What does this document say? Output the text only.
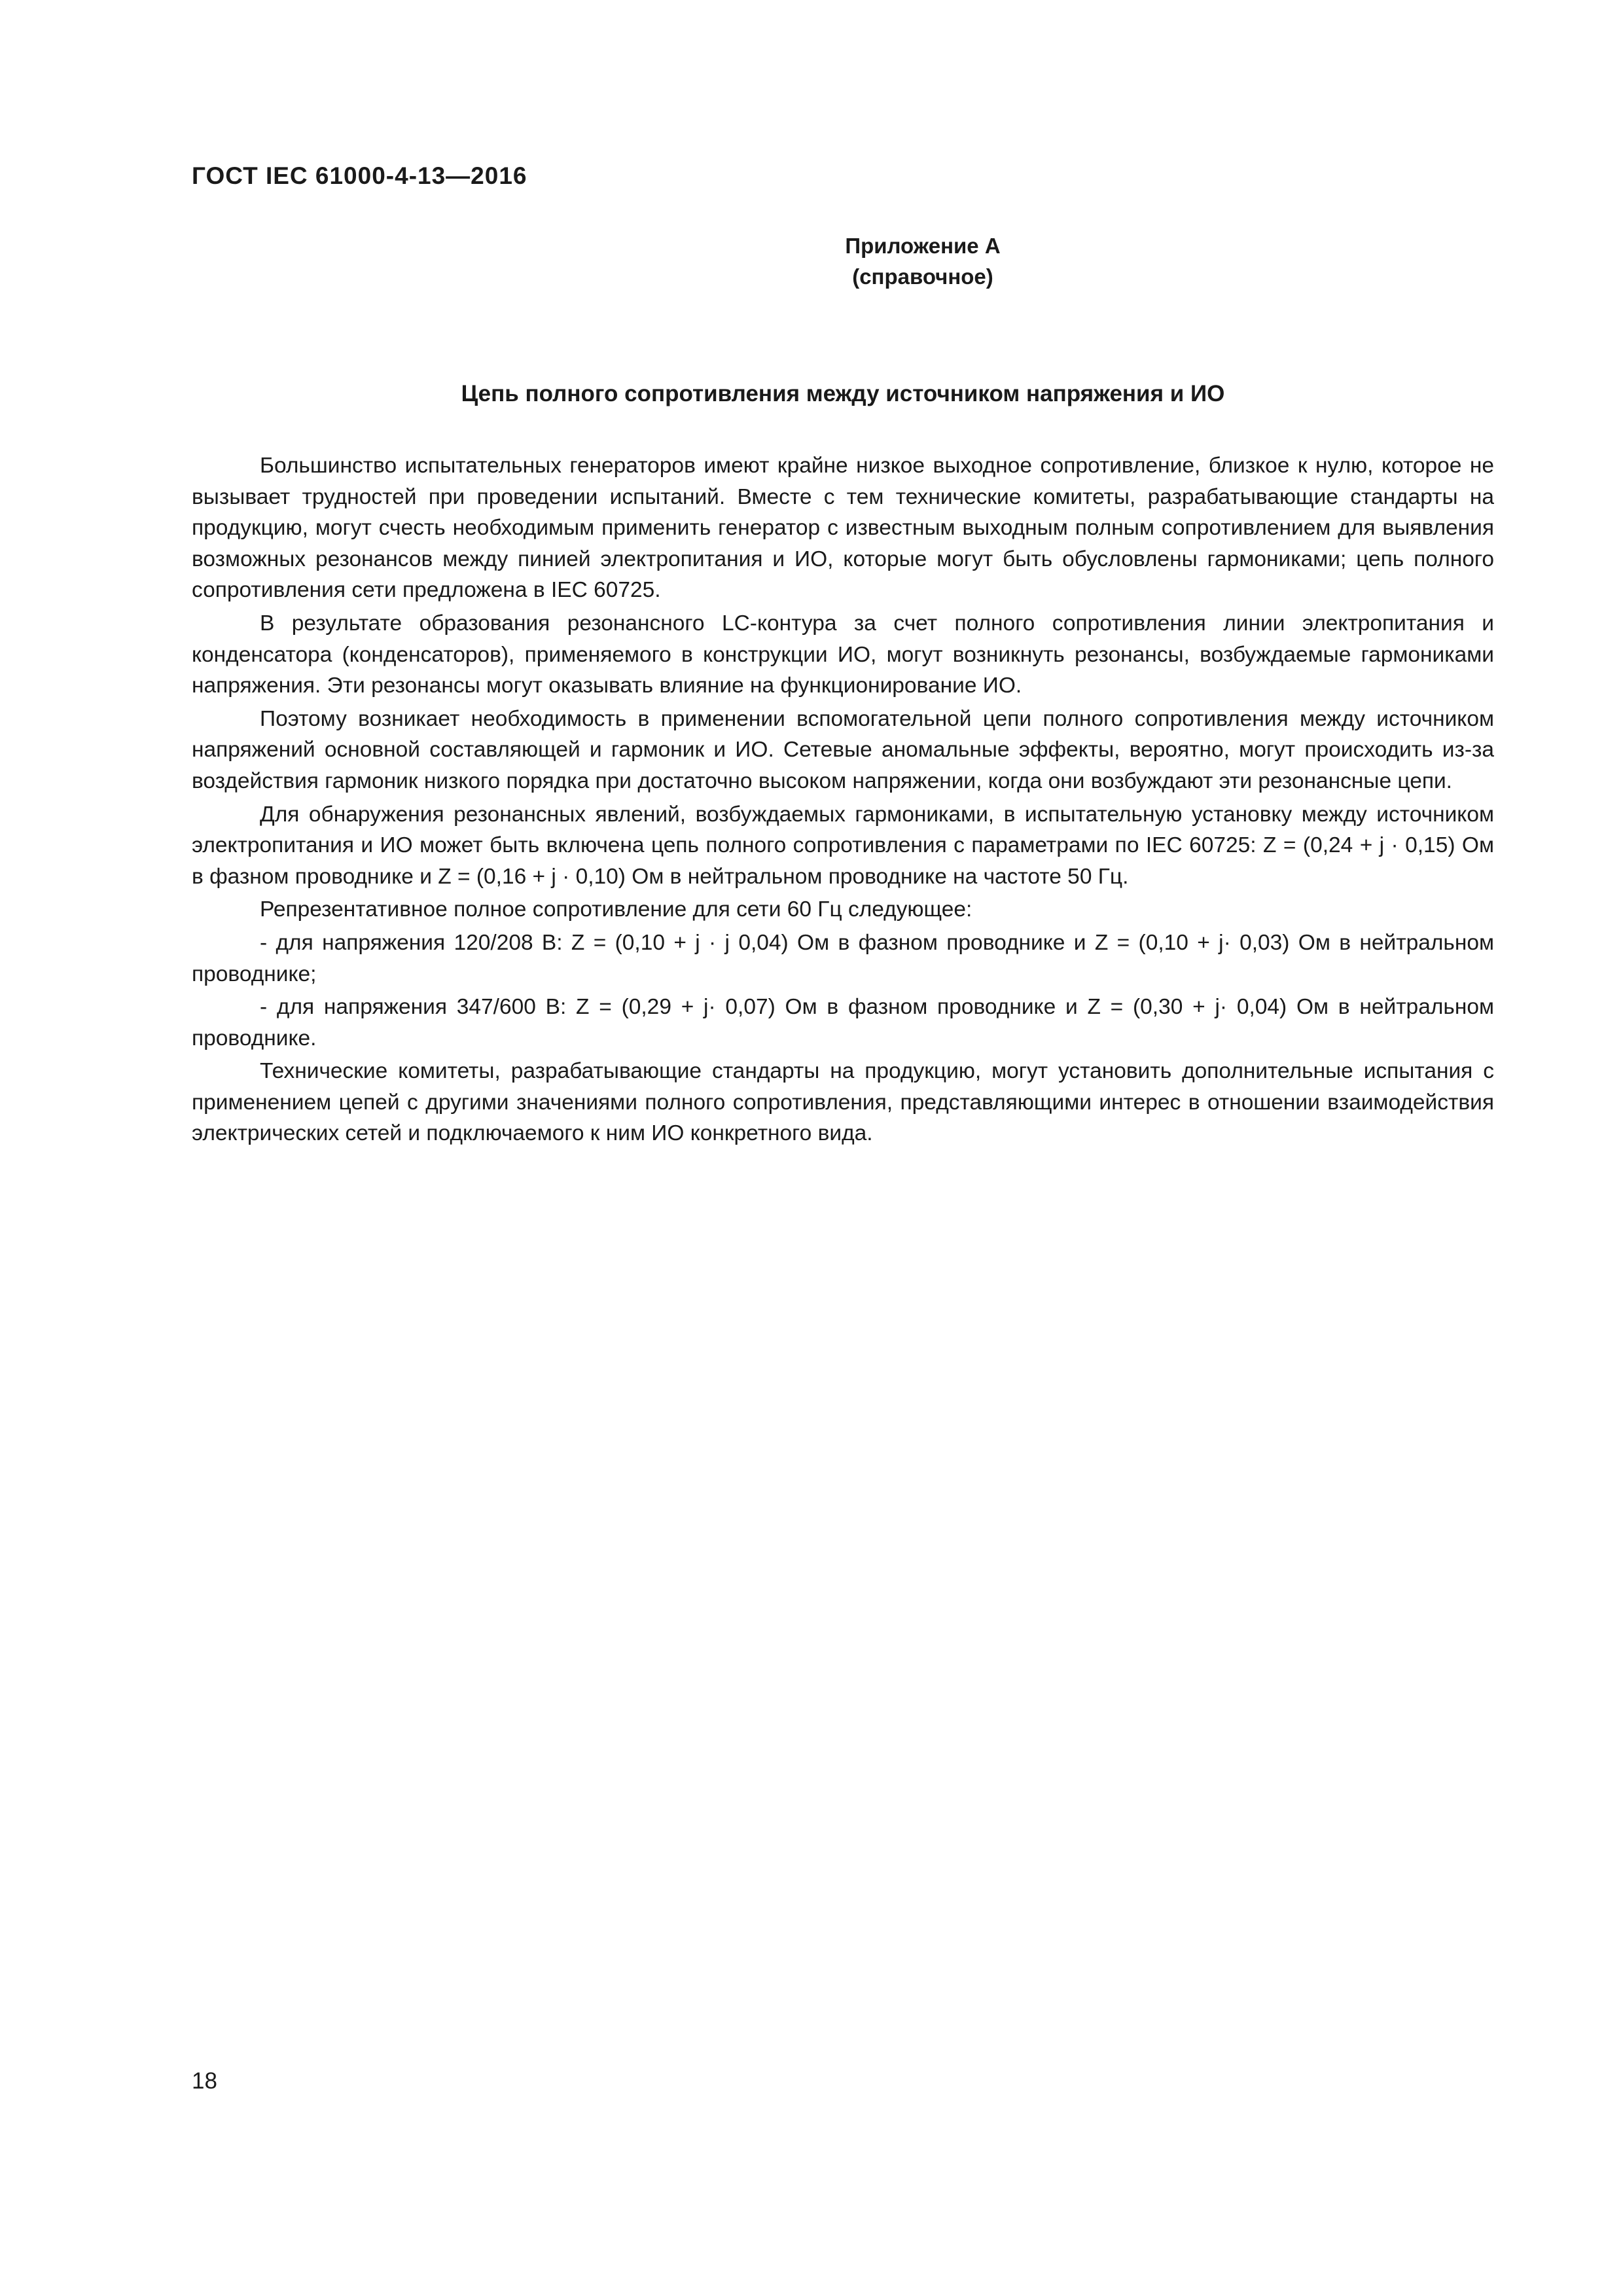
ГОСТ IEC 61000-4-13—2016
Приложение А
(справочное)
Цепь полного сопротивления между источником напряжения и ИО

Большинство испытательных генераторов имеют крайне низкое выходное сопротивление, близкое к нулю, которое не вызывает трудностей при проведении испытаний. Вместе с тем технические комитеты, разрабатывающие стандарты на продукцию, могут счесть необходимым применить генератор с известным выходным полным сопротивлением для выявления возможных резонансов между пинией электропитания и ИО, которые могут быть обусловлены гармониками; цепь полного сопротивления сети предложена в IEC 60725.

В результате образования резонансного LC-контура за счет полного сопротивления линии электропитания и конденсатора (конденсаторов), применяемого в конструкции ИО, могут возникнуть резонансы, возбуждаемые гармониками напряжения. Эти резонансы могут оказывать влияние на функционирование ИО.

Поэтому возникает необходимость в применении вспомогательной цепи полного сопротивления между источником напряжений основной составляющей и гармоник и ИО. Сетевые аномальные эффекты, вероятно, могут происходить из-за воздействия гармоник низкого порядка при достаточно высоком напряжении, когда они возбуждают эти резонансные цепи.

Для обнаружения резонансных явлений, возбуждаемых гармониками, в испытательную установку между источником электропитания и ИО может быть включена цепь полного сопротивления с параметрами по IEC 60725: Z = (0,24 + j · 0,15) Ом в фазном проводнике и Z = (0,16 + j · 0,10) Ом в нейтральном проводнике на частоте 50 Гц.

Репрезентативное полное сопротивление для сети 60 Гц следующее:

- для напряжения 120/208 В: Z = (0,10 + j · j 0,04) Ом в фазном проводнике и Z = (0,10 + j· 0,03) Ом в нейтральном проводнике;

- для напряжения 347/600 В: Z = (0,29 + j· 0,07) Ом в фазном проводнике и Z = (0,30 + j· 0,04) Ом в нейтральном проводнике.

Технические комитеты, разрабатывающие стандарты на продукцию, могут установить дополнительные испытания с применением цепей с другими значениями полного сопротивления, представляющими интерес в отношении взаимодействия электрических сетей и подключаемого к ним ИО конкретного вида.

18
